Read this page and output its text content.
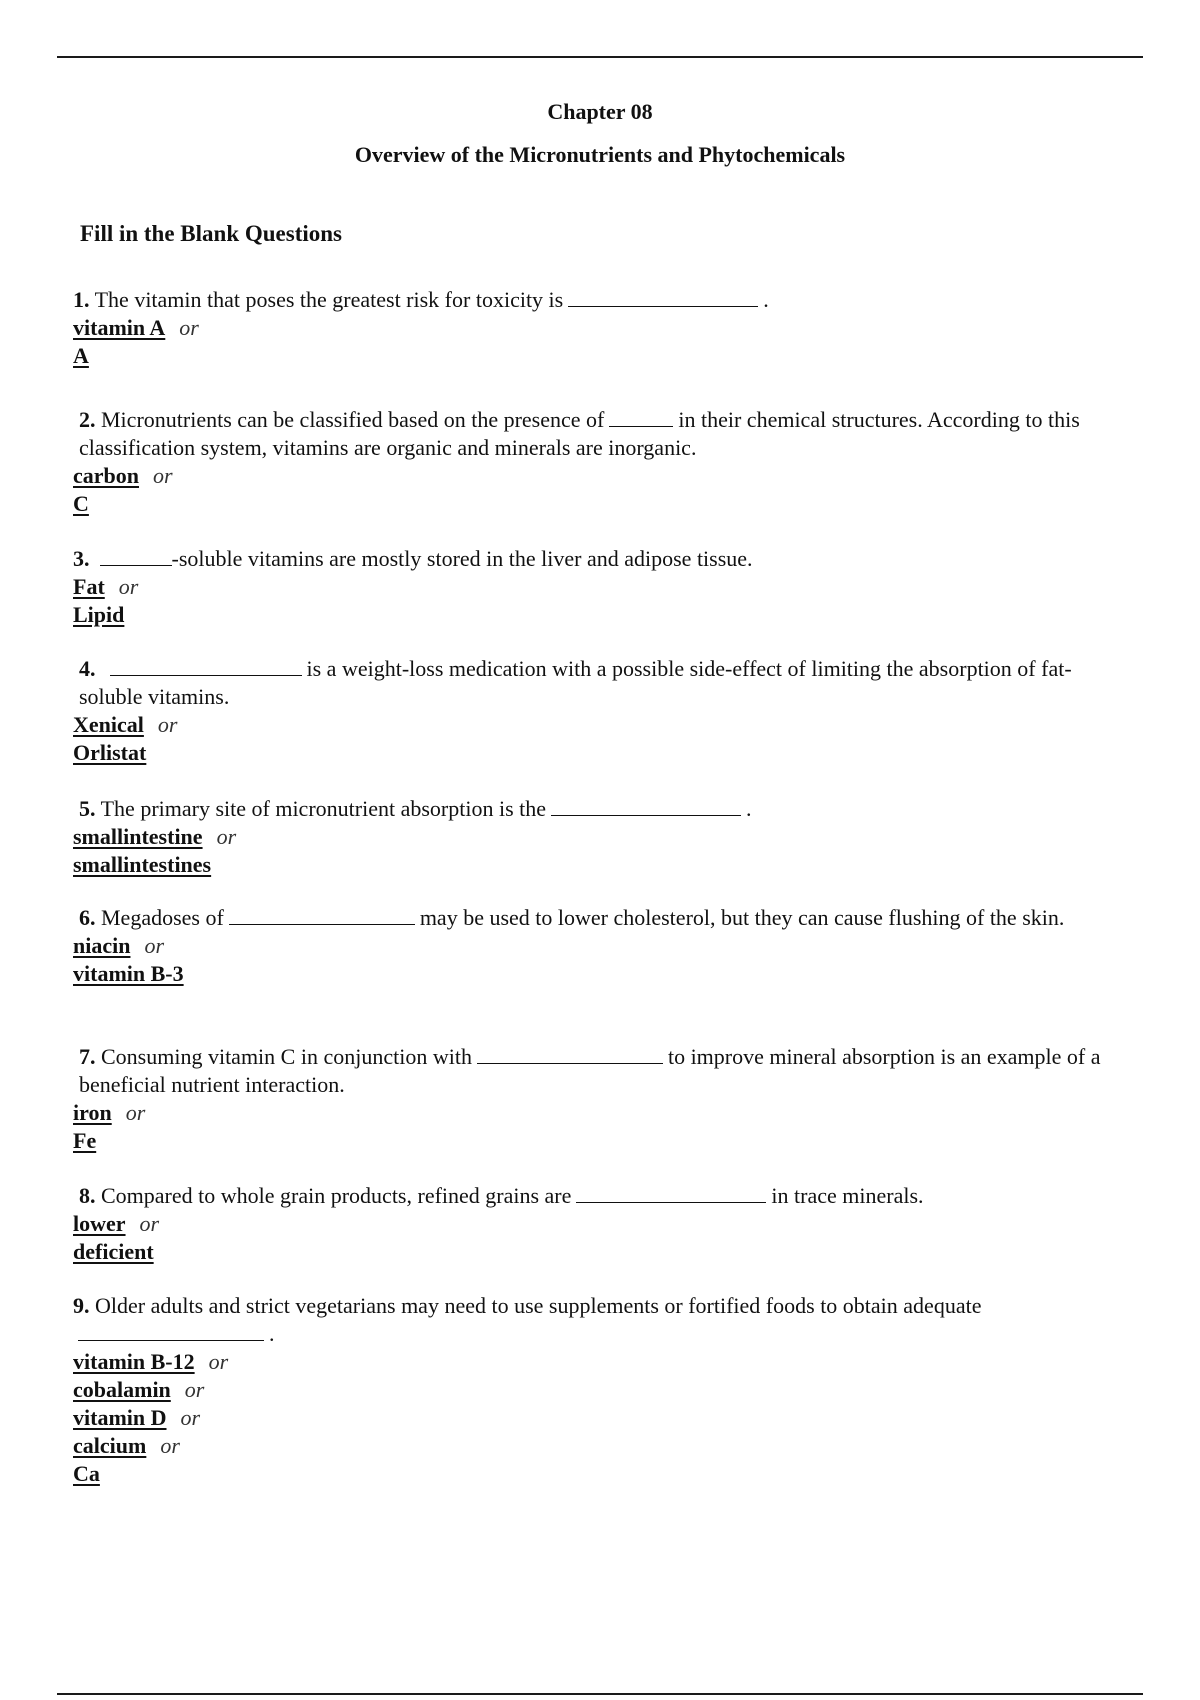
Chapter 08
Overview of the Micronutrients and Phytochemicals
Fill in the Blank Questions

1. The vitamin that poses the greatest risk for toxicity is	.

vitamin A or

A

2. Micronutrients can be classified based on the presence of	in their chemical structures. According to this classification system, vitamins are organic and minerals are inorganic.

carbon or

C

3.	-soluble vitamins are mostly stored in the liver and adipose tissue.

Fat or

Lipid

4.	is a weight-loss medication with a possible side-effect of limiting the absorption of fat-soluble vitamins.

Xenical or

Orlistat

5. The primary site of micronutrient absorption is the	.

smallintestine or

smallintestines

6. Megadoses of	may be used to lower cholesterol, but they can cause flushing of the skin.

niacin or

vitamin B-3

7. Consuming vitamin C in conjunction with	to improve mineral absorption is an example of a beneficial nutrient interaction.

iron or

Fe

8. Compared to whole grain products, refined grains are	in trace minerals.

lower or

deficient

9. Older adults and strict vegetarians may need to use supplements or fortified foods to obtain adequate.

vitamin B-12 or

cobalamin or

vitamin D or

calcium or

Ca
